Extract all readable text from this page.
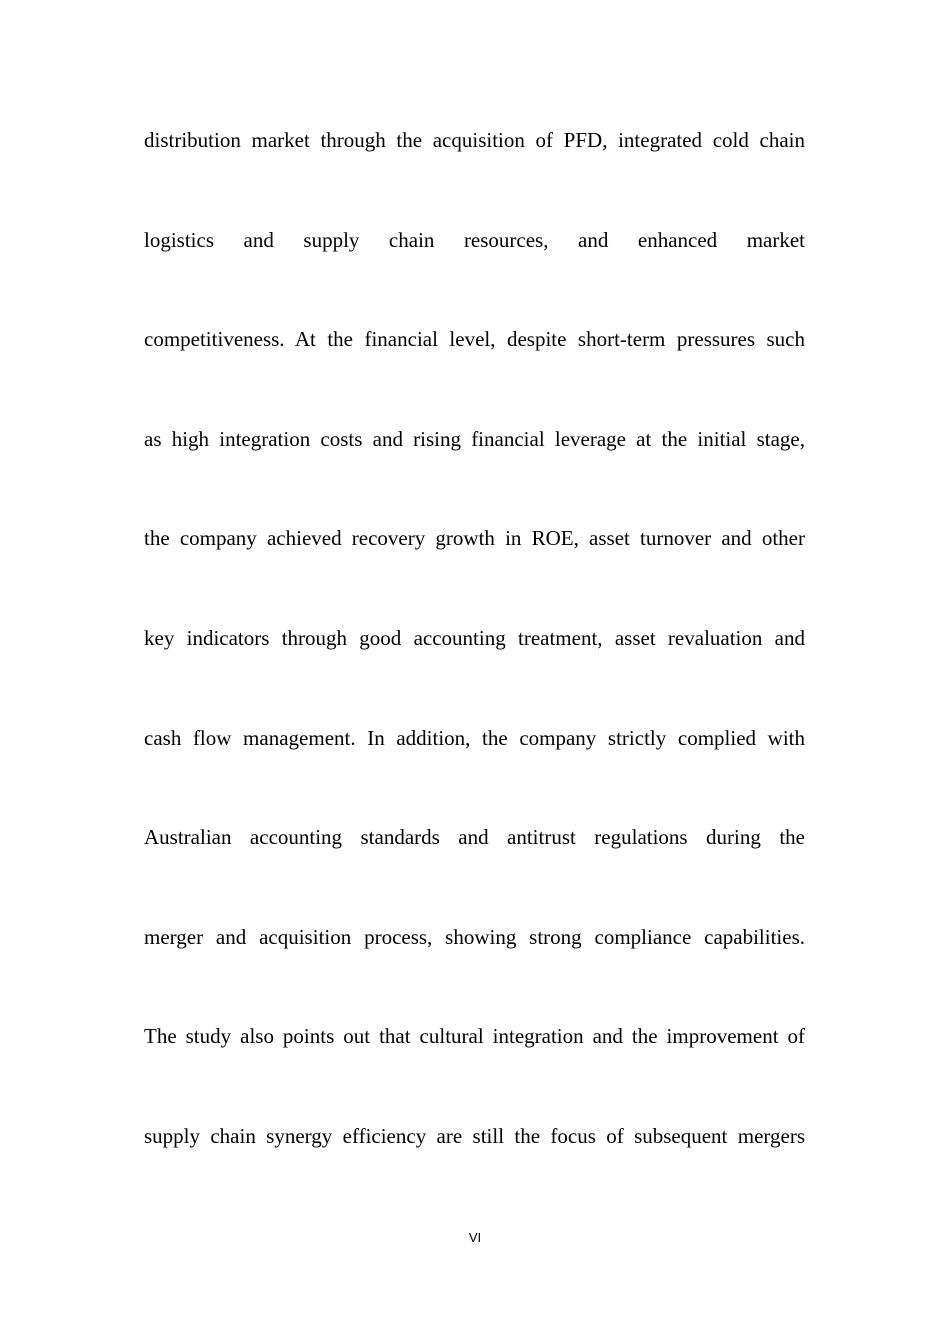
distribution market through the acquisition of PFD, integrated cold chain
logistics and supply chain resources, and enhanced market
competitiveness. At the financial level, despite short-term pressures such
as high integration costs and rising financial leverage at the initial stage,
the company achieved recovery growth in ROE, asset turnover and other
key indicators through good accounting treatment, asset revaluation and
cash flow management. In addition, the company strictly complied with
Australian accounting standards and antitrust regulations during the
merger and acquisition process, showing strong compliance capabilities.
The study also points out that cultural integration and the improvement of
supply chain synergy efficiency are still the focus of subsequent mergers
VI
